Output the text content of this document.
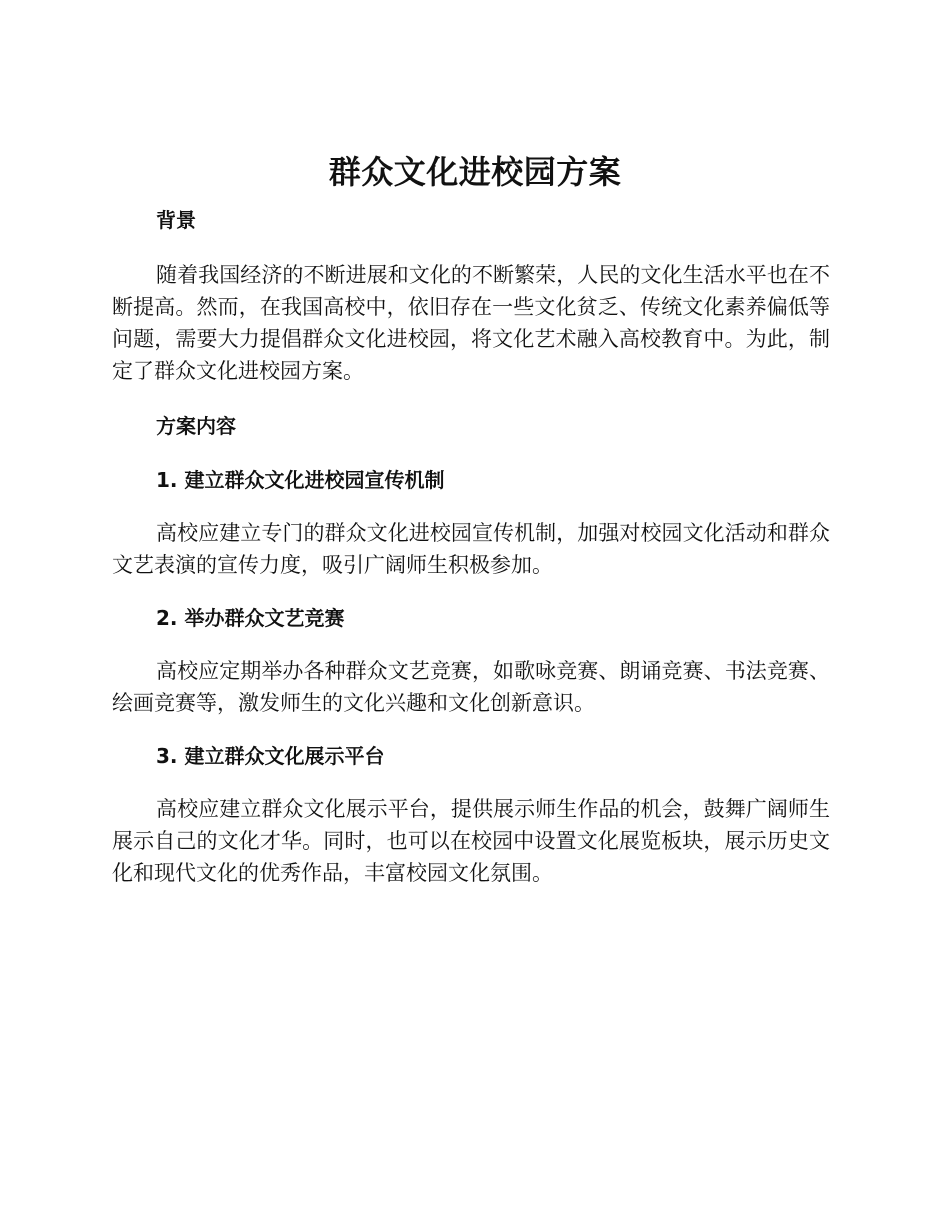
群众文化进校园方案
背景

随着我国经济的不断进展和文化的不断繁荣，人民的文化生活水平也在不断提高。然而，在我国高校中，依旧存在一些文化贫乏、传统文化素养偏低等问题，需要大力提倡群众文化进校园，将文化艺术融入高校教育中。为此，制定了群众文化进校园方案。

方案内容
1. 建立群众文化进校园宣传机制

高校应建立专门的群众文化进校园宣传机制，加强对校园文化活动和群众文艺表演的宣传力度，吸引广阔师生积极参加。

2. 举办群众文艺竞赛

高校应定期举办各种群众文艺竞赛，如歌咏竞赛、朗诵竞赛、书法竞赛、绘画竞赛等，激发师生的文化兴趣和文化创新意识。

3. 建立群众文化展示平台

高校应建立群众文化展示平台，提供展示师生作品的机会，鼓舞广阔师生展示自己的文化才华。同时，也可以在校园中设置文化展览板块，展示历史文化和现代文化的优秀作品，丰富校园文化氛围。
